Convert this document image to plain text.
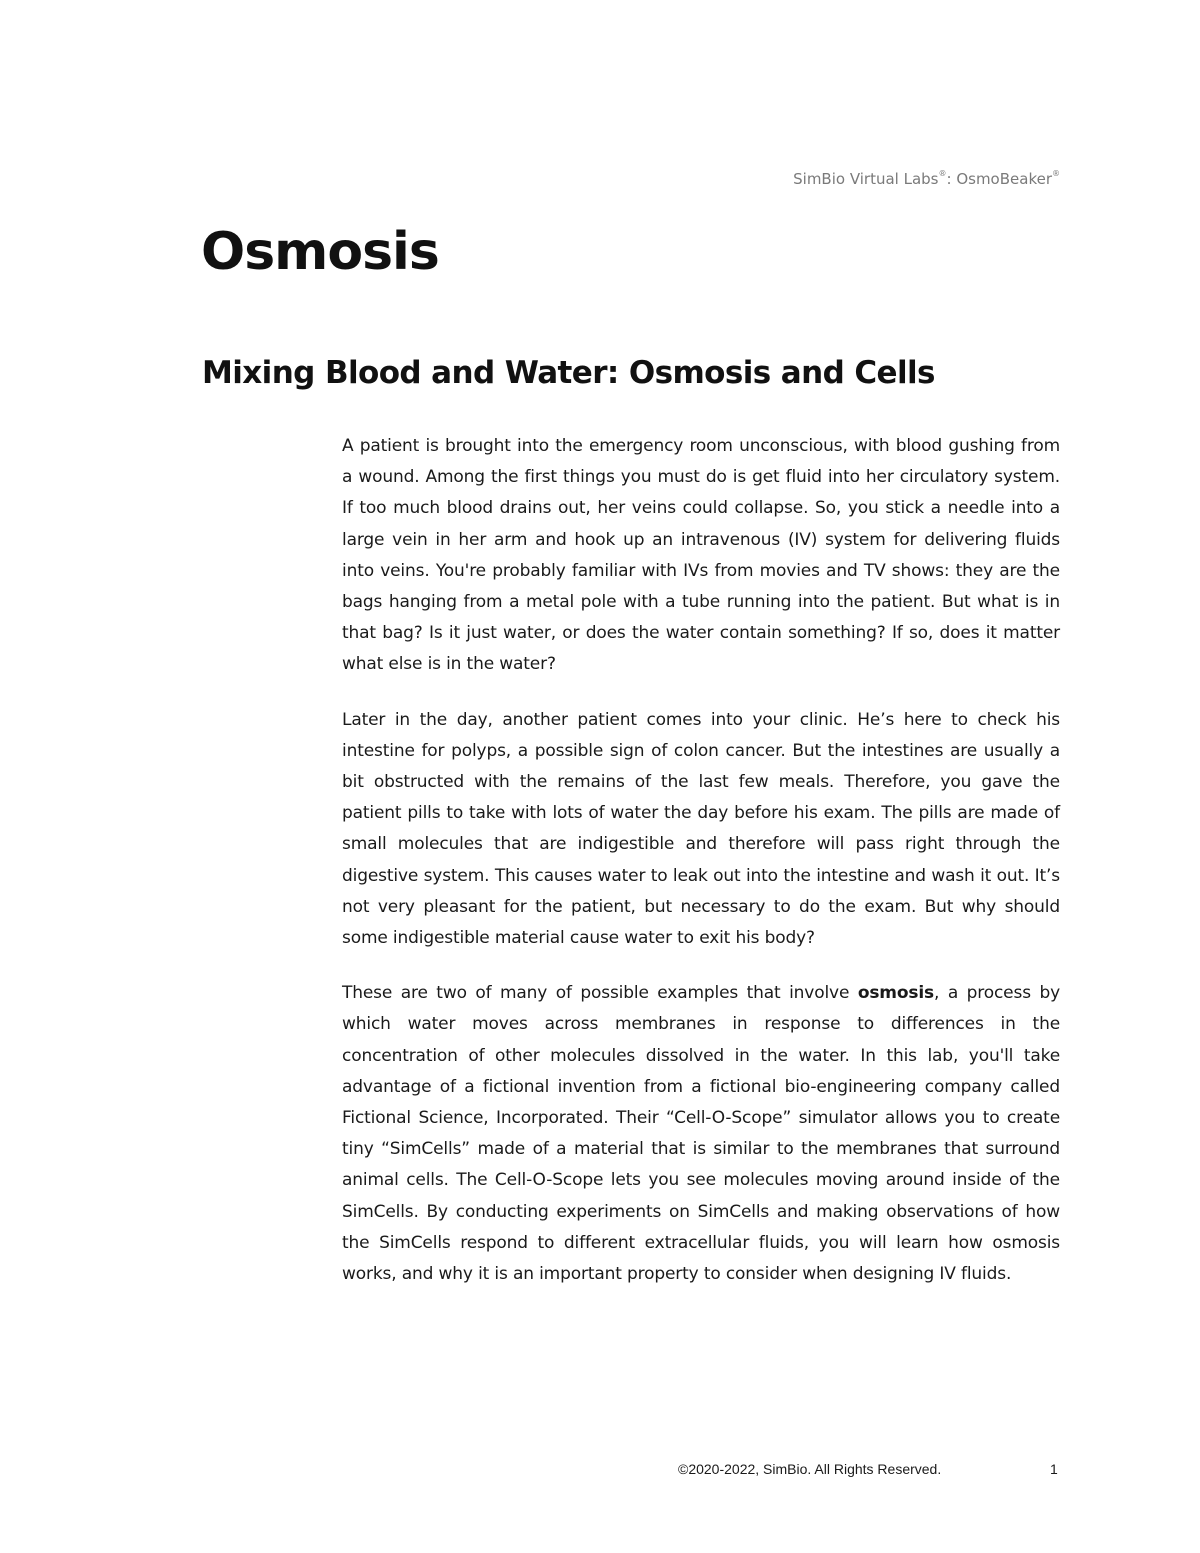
SimBio Virtual Labs®: OsmoBeaker®
Osmosis
Mixing Blood and Water: Osmosis and Cells

A patient is brought into the emergency room unconscious, with blood gushing from a wound. Among the first things you must do is get fluid into her circulatory system. If too much blood drains out, her veins could collapse. So, you stick a needle into a large vein in her arm and hook up an intravenous (IV) system for delivering fluids into veins. You're probably familiar with IVs from movies and TV shows: they are the bags hanging from a metal pole with a tube running into the patient. But what is in that bag? Is it just water, or does the water contain something? If so, does it matter what else is in the water?

Later in the day, another patient comes into your clinic. He’s here to check his intestine for polyps, a possible sign of colon cancer. But the intestines are usually a bit obstructed with the remains of the last few meals. Therefore, you gave the patient pills to take with lots of water the day before his exam. The pills are made of small molecules that are indigestible and therefore will pass right through the digestive system. This causes water to leak out into the intestine and wash it out. It’s not very pleasant for the patient, but necessary to do the exam. But why should some indigestible material cause water to exit his body?

These are two of many of possible examples that involve osmosis, a process by which water moves across membranes in response to differences in the concentration of other molecules dissolved in the water. In this lab, you'll take advantage of a fictional invention from a fictional bio-engineering company called Fictional Science, Incorporated. Their “Cell-O-Scope” simulator allows you to create tiny “SimCells” made of a material that is similar to the membranes that surround animal cells. The Cell-O-Scope lets you see molecules moving around inside of the SimCells. By conducting experiments on SimCells and making observations of how the SimCells respond to different extracellular fluids, you will learn how osmosis works, and why it is an important property to consider when designing IV fluids.

©2020-2022, SimBio. All Rights Reserved.	1
